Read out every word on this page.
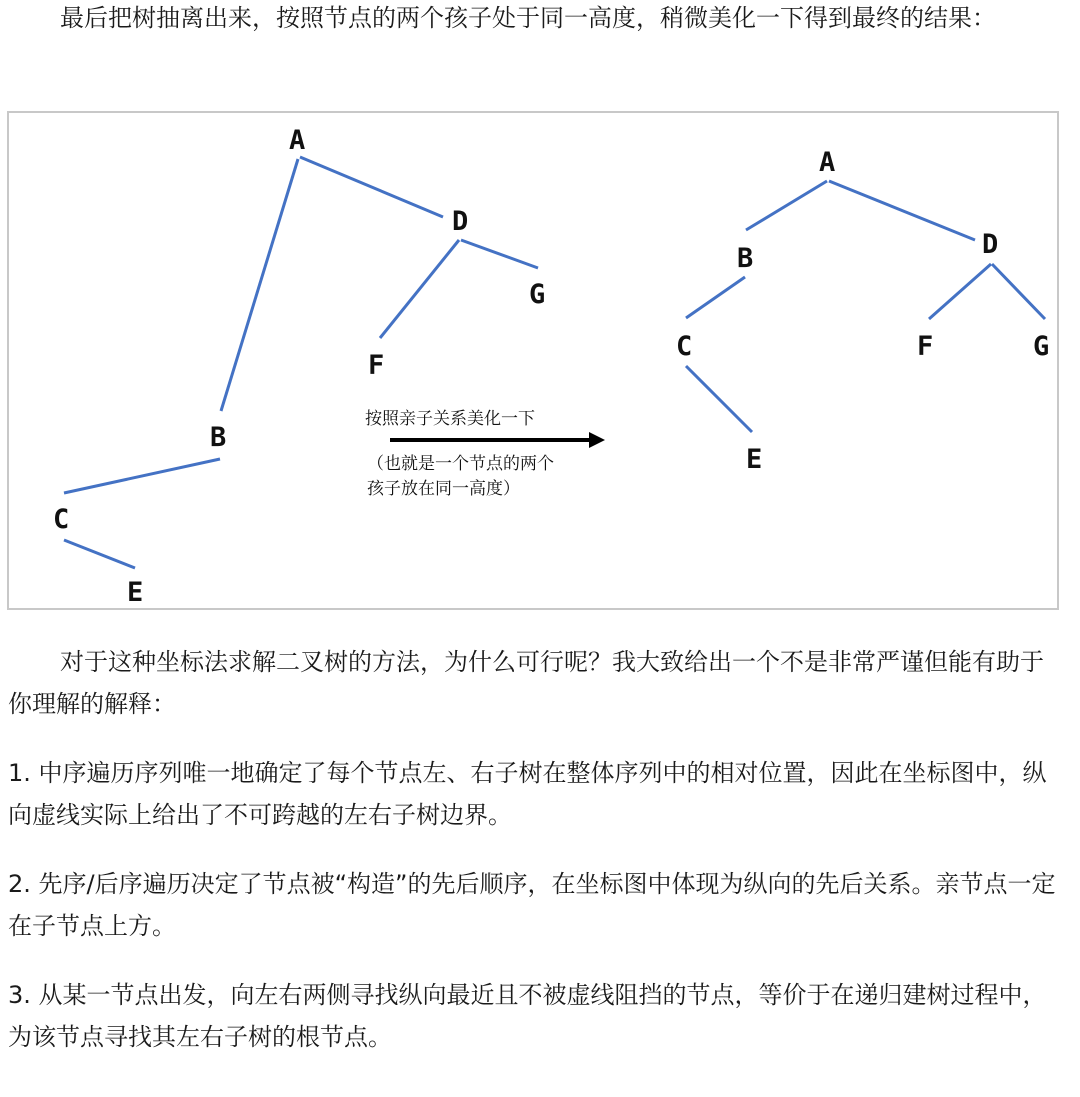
最后把树抽离出来，按照节点的两个孩子处于同一高度，稍微美化一下得到最终的结果：

A
D
G
F
B
C
E
按照亲子关系美化一下
（也就是一个节点的两个
孩子放在同一高度）
A
B	D
C	F	G
E

对于这种坐标法求解二叉树的方法，为什么可行呢？我大致给出一个不是非常严谨但能有助于你理解的解释：

1. 中序遍历序列唯一地确定了每个节点左、右子树在整体序列中的相对位置，因此在坐标图中，纵向虚线实际上给出了不可跨越的左右子树边界。

2. 先序/后序遍历决定了节点被“构造”的先后顺序，在坐标图中体现为纵向的先后关系。亲节点一定在子节点上方。

3. 从某一节点出发，向左右两侧寻找纵向最近且不被虚线阻挡的节点，等价于在递归建树过程中，为该节点寻找其左右子树的根节点。
